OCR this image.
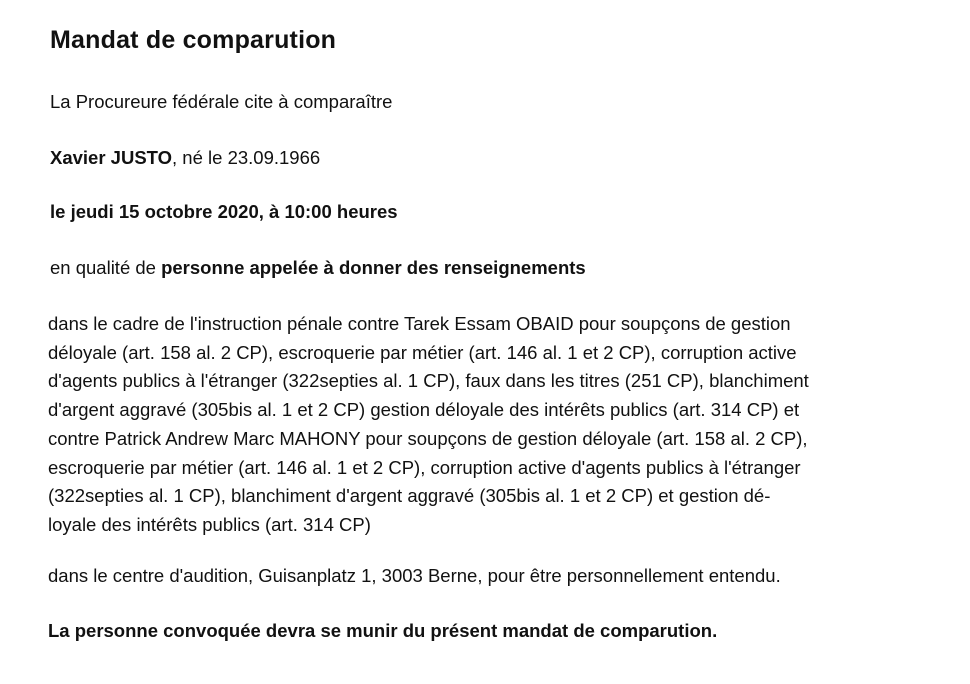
Mandat de comparution
La Procureure fédérale cite à comparaître
Xavier JUSTO, né le 23.09.1966
le jeudi 15 octobre 2020, à 10:00 heures
en qualité de personne appelée à donner des renseignements
dans le cadre de l'instruction pénale contre Tarek Essam OBAID pour soupçons de gestion
déloyale (art. 158 al. 2 CP), escroquerie par métier (art. 146 al. 1 et 2 CP), corruption active
d'agents publics à l'étranger (322septies al. 1 CP), faux dans les titres (251 CP), blanchiment
d'argent aggravé (305bis al. 1 et 2 CP) gestion déloyale des intérêts publics (art. 314 CP) et
contre Patrick Andrew Marc MAHONY pour soupçons de gestion déloyale (art. 158 al. 2 CP),
escroquerie par métier (art. 146 al. 1 et 2 CP), corruption active d'agents publics à l'étranger
(322septies al. 1 CP), blanchiment d'argent aggravé (305bis al. 1 et 2 CP) et gestion dé-
loyale des intérêts publics (art. 314 CP)
dans le centre d'audition, Guisanplatz 1, 3003 Berne, pour être personnellement entendu.
La personne convoquée devra se munir du présent mandat de comparution.
